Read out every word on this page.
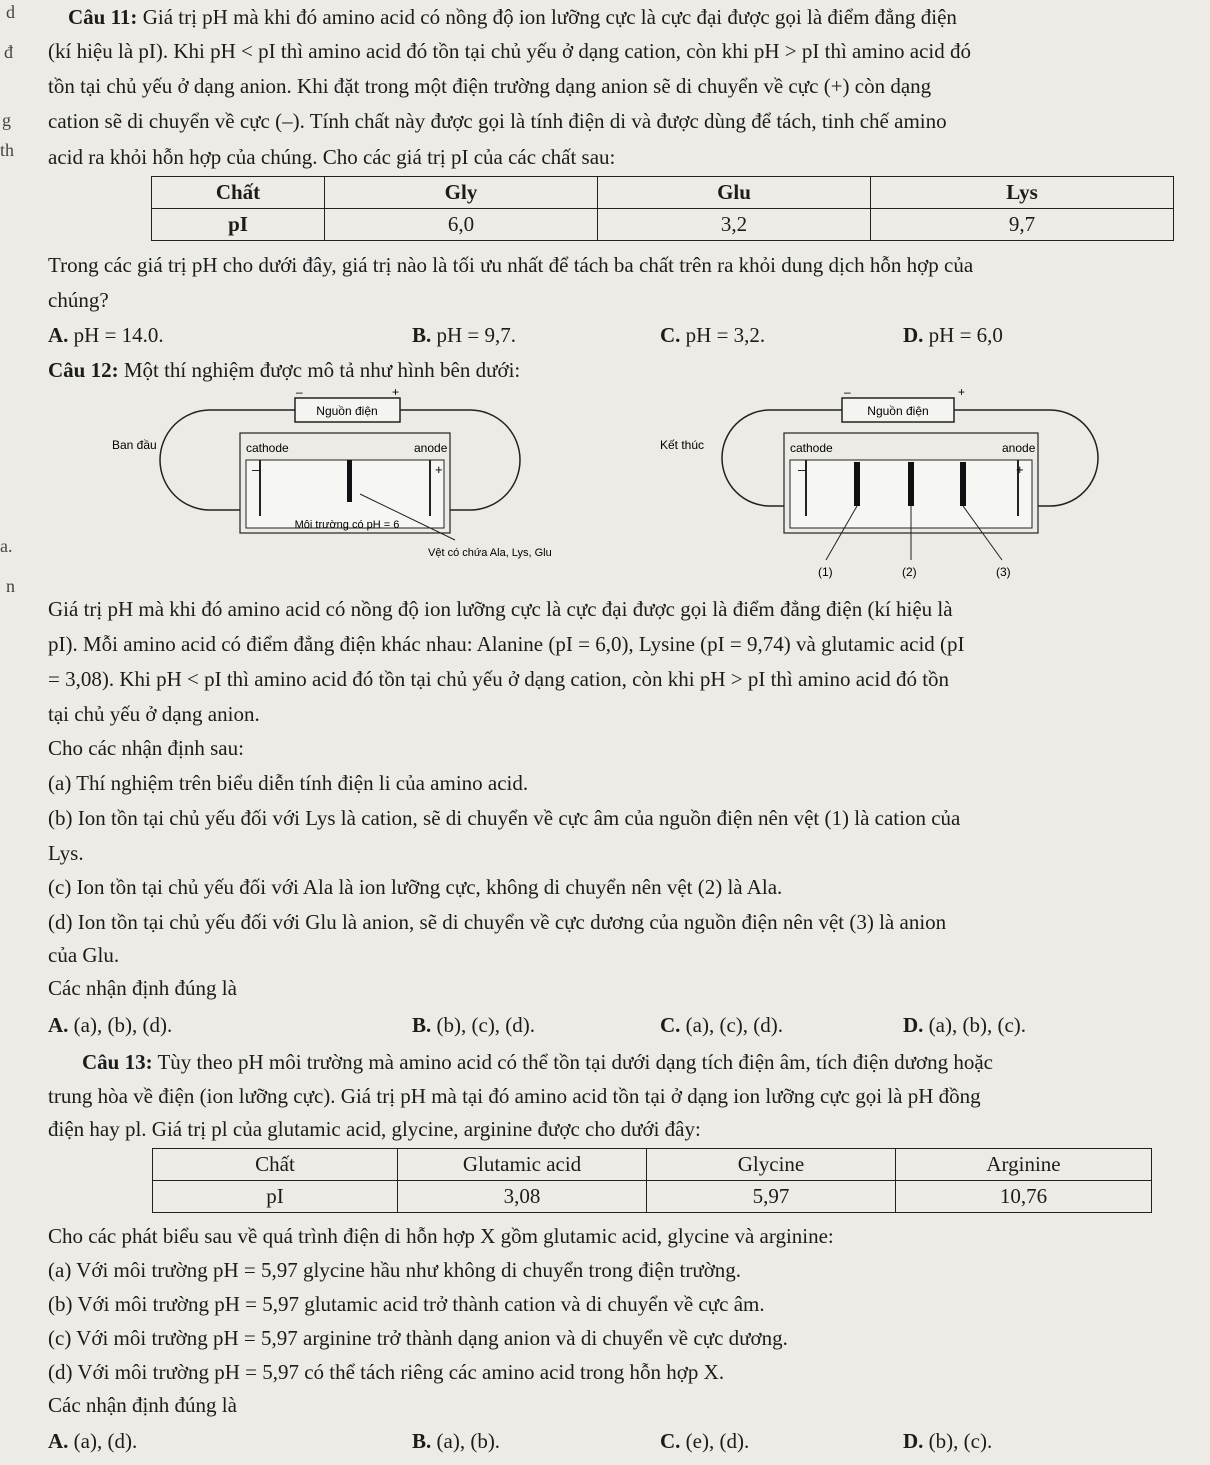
d
đ
g
th
a.
n
Câu 11: Giá trị pH mà khi đó amino acid có nồng độ ion lưỡng cực là cực đại được gọi là điểm đẳng điện
(kí hiệu là pI). Khi pH < pI thì amino acid đó tồn tại chủ yếu ở dạng cation, còn khi pH > pI thì amino acid đó
tồn tại chủ yếu ở dạng anion. Khi đặt trong một điện trường dạng anion sẽ di chuyển về cực (+) còn dạng
cation sẽ di chuyển về cực (–). Tính chất này được gọi là tính điện di và được dùng để tách, tinh chế amino
acid ra khỏi hỗn hợp của chúng. Cho các giá trị pI của các chất sau:
Chất	Gly	Glu	Lys
pI	6,0	3,2	9,7
Trong các giá trị pH cho dưới đây, giá trị nào là tối ưu nhất để tách ba chất trên ra khỏi dung dịch hỗn hợp của
chúng?
A. pH = 14.0.	B. pH = 9,7.	C. pH = 3,2.	D. pH = 6,0
Câu 12: Một thí nghiệm được mô tả như hình bên dưới:
Nguồn điện
–	+
Ban đầu	cathode	anode
–	+
Môi trường có pH = 6
Vệt có chứa Ala, Lys, Glu
Nguồn điện
–	+
Kết thúc	cathode	anode
–	+
(1)	(2)	(3)
Giá trị pH mà khi đó amino acid có nồng độ ion lưỡng cực là cực đại được gọi là điểm đẳng điện (kí hiệu là
pI). Mỗi amino acid có điểm đẳng điện khác nhau: Alanine (pI = 6,0), Lysine (pI = 9,74) và glutamic acid (pI
= 3,08). Khi pH < pI thì amino acid đó tồn tại chủ yếu ở dạng cation, còn khi pH > pI thì amino acid đó tồn
tại chủ yếu ở dạng anion.
Cho các nhận định sau:
(a) Thí nghiệm trên biểu diễn tính điện li của amino acid.
(b) Ion tồn tại chủ yếu đối với Lys là cation, sẽ di chuyển về cực âm của nguồn điện nên vệt (1) là cation của
Lys.
(c) Ion tồn tại chủ yếu đối với Ala là ion lưỡng cực, không di chuyển nên vệt (2) là Ala.
(d) Ion tồn tại chủ yếu đối với Glu là anion, sẽ di chuyển về cực dương của nguồn điện nên vệt (3) là anion
của Glu.
Các nhận định đúng là
A. (a), (b), (d).	B. (b), (c), (d).	C. (a), (c), (d).	D. (a), (b), (c).
Câu 13: Tùy theo pH môi trường mà amino acid có thể tồn tại dưới dạng tích điện âm, tích điện dương hoặc
trung hòa về điện (ion lưỡng cực). Giá trị pH mà tại đó amino acid tồn tại ở dạng ion lưỡng cực gọi là pH đồng
điện hay pl. Giá trị pl của glutamic acid, glycine, arginine được cho dưới đây:
Chất	Glutamic acid	Glycine	Arginine
pI	3,08	5,97	10,76
Cho các phát biểu sau về quá trình điện di hỗn hợp X gồm glutamic acid, glycine và arginine:
(a) Với môi trường pH = 5,97 glycine hầu như không di chuyển trong điện trường.
(b) Với môi trường pH = 5,97 glutamic acid trở thành cation và di chuyển về cực âm.
(c) Với môi trường pH = 5,97 arginine trở thành dạng anion và di chuyển về cực dương.
(d) Với môi trường pH = 5,97 có thể tách riêng các amino acid trong hỗn hợp X.
Các nhận định đúng là
A. (a), (d).	B. (a), (b).	C. (e), (d).	D. (b), (c).
